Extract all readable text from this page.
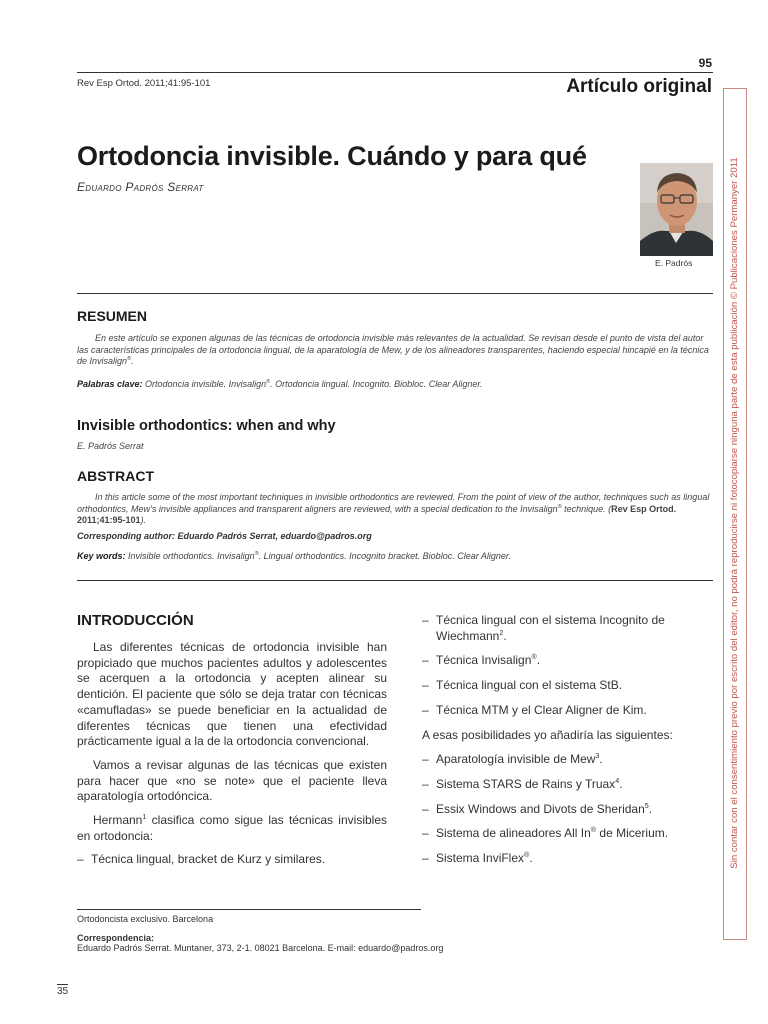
95
Rev Esp Ortod. 2011;41:95-101	Artículo original
Ortodoncia invisible. Cuándo y para qué
Eduardo Padrós Serrat
E. Padrós
RESUMEN
En este artículo se exponen algunas de las técnicas de ortodoncia invisible más relevantes de la actualidad. Se revisan desde el punto de vista del autor las características principales de la ortodoncia lingual, de la aparatología de Mew, y de los alineadores transparentes, haciendo especial hincapié en la técnica de Invisalign®.
Palabras clave: Ortodoncia invisible. Invisalign®. Ortodoncia lingual. Incognito. Biobloc. Clear Aligner.
Invisible orthodontics: when and why
E. Padrós Serrat
ABSTRACT
In this article some of the most important techniques in invisible orthodontics are reviewed. From the point of view of the author, techniques such as lingual orthodontics, Mew’s invisible appliances and transparent aligners are reviewed, with a special dedication to the Invisalign® technique. (Rev Esp Ortod. 2011;41:95-101).
Corresponding author: Eduardo Padrós Serrat, eduardo@padros.org
Key words: Invisible orthodontics. Invisalign®. Lingual orthodontics. Incognito bracket. Biobloc. Clear Aligner.
INTRODUCCIÓN

Las diferentes técnicas de ortodoncia invisible han propiciado que muchos pacientes adultos y adolescentes se acerquen a la ortodoncia y acepten alinear su dentición. El paciente que sólo se deja tratar con técnicas «camufladas» se puede beneficiar en la actualidad de diferentes técnicas que tienen una efectividad prácticamente igual a la de la ortodoncia convencional.

Vamos a revisar algunas de las técnicas que existen para hacer que «no se note» que el paciente lleva aparatología ortodóncica.

Hermann$^1$ clasifica como sigue las técnicas invisibles en ortodoncia:

– Técnica lingual, bracket de Kurz y similares.
– Técnica lingual con el sistema Incognito de Wiechmann$^2$.
– Técnica Invisalign®.
– Técnica lingual con el sistema StB.
– Técnica MTM y el Clear Aligner de Kim.
A esas posibilidades yo añadiría las siguientes:
– Aparatología invisible de Mew$^3$.
– Sistema STARS de Rains y Truax$^4$.
– Essix Windows and Divots de Sheridan$^5$.
– Sistema de alineadores All In® de Micerium.
– Sistema InviFlex®.
Ortodoncista exclusivo. Barcelona
Correspondencia:
Eduardo Padrós Serrat. Muntaner, 373, 2-1. 08021 Barcelona. E-mail: eduardo@padros.org
35
Sin contar con el consentimiento previo por escrito del editor, no podrá reproducirse ni fotocopiarse ninguna parte de esta publicación © Publicaciones Permanyer 2011
